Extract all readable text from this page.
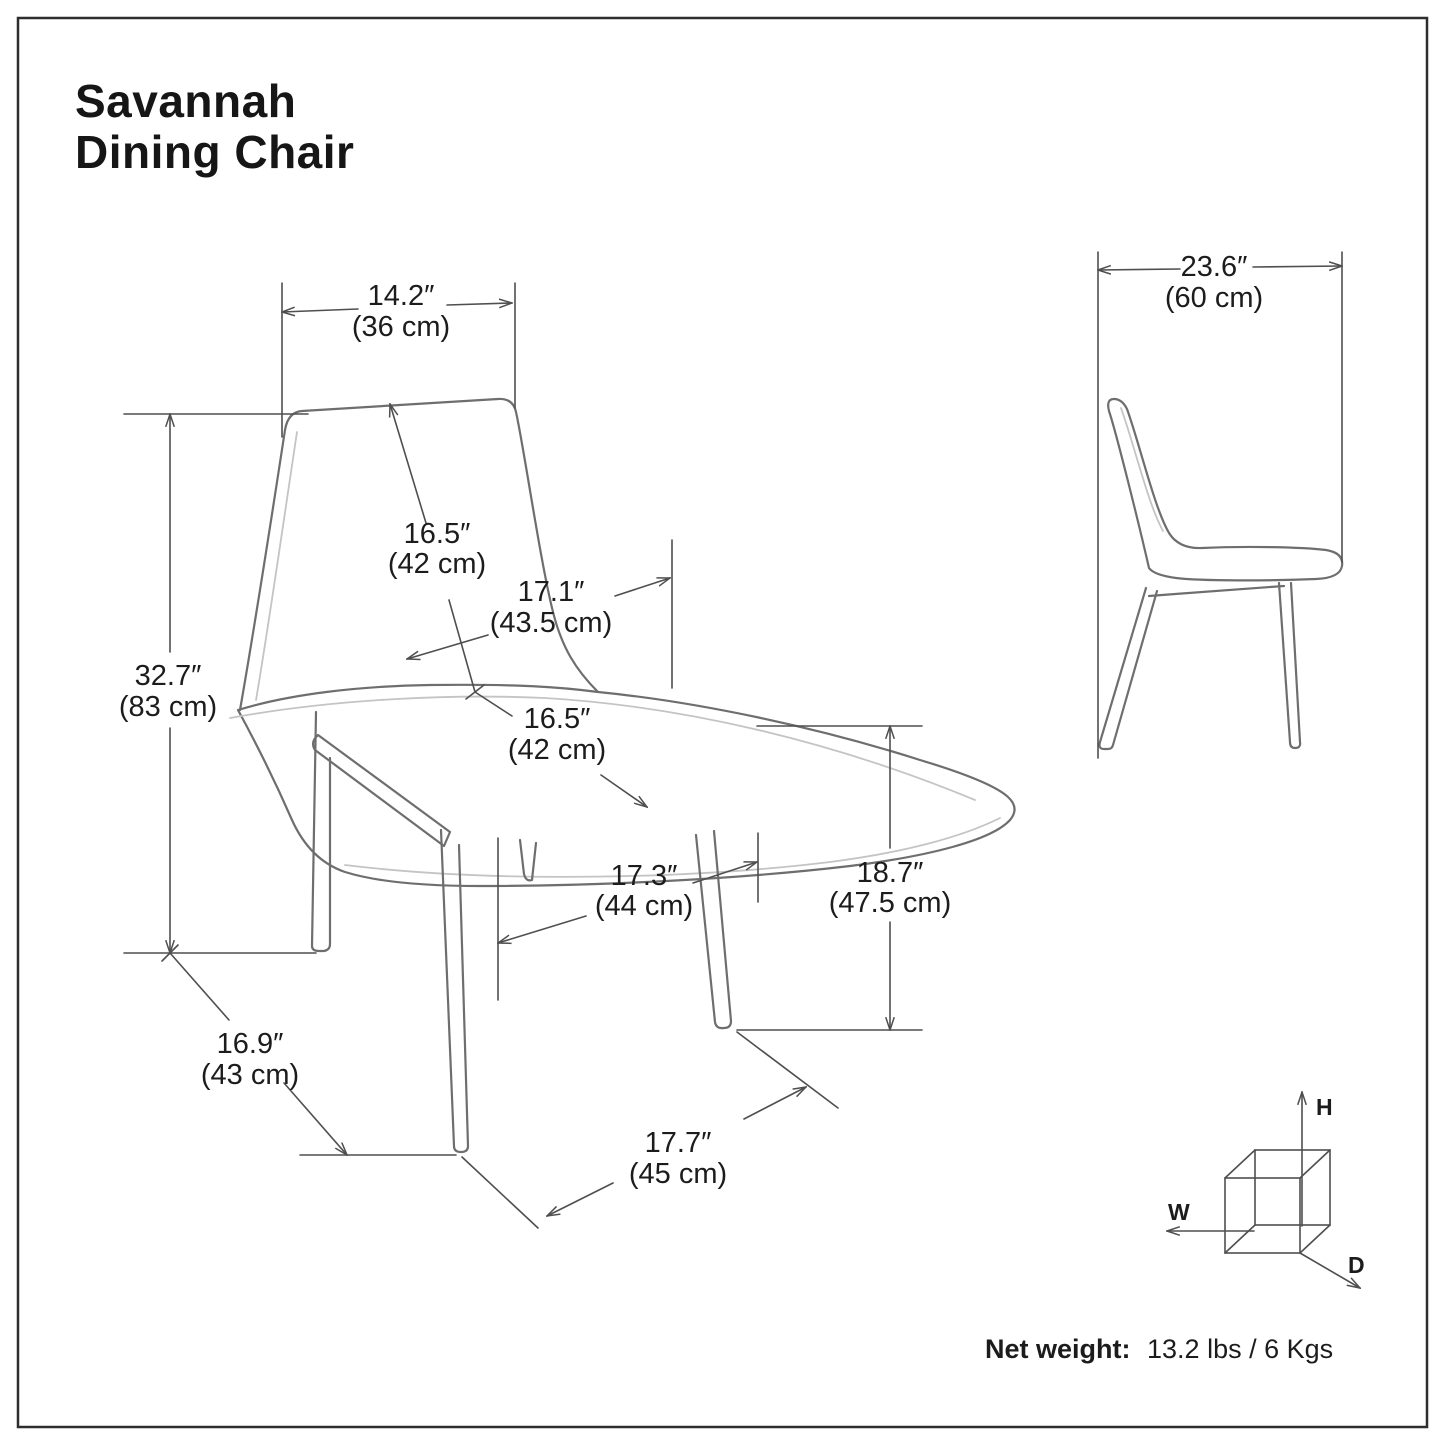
Savannah
Dining Chair
14.2″
(36 cm)
16.5″
(42 cm)
17.1″
(43.5 cm)
32.7″
(83 cm)	16.5″
(42 cm)
17.3″
(44 cm)
18.7″
(47.5 cm)
16.9″
(43 cm)
17.7″
(45 cm)
23.6″
(60 cm)
H
W
D
Net weight: 13.2 lbs / 6 Kgs
